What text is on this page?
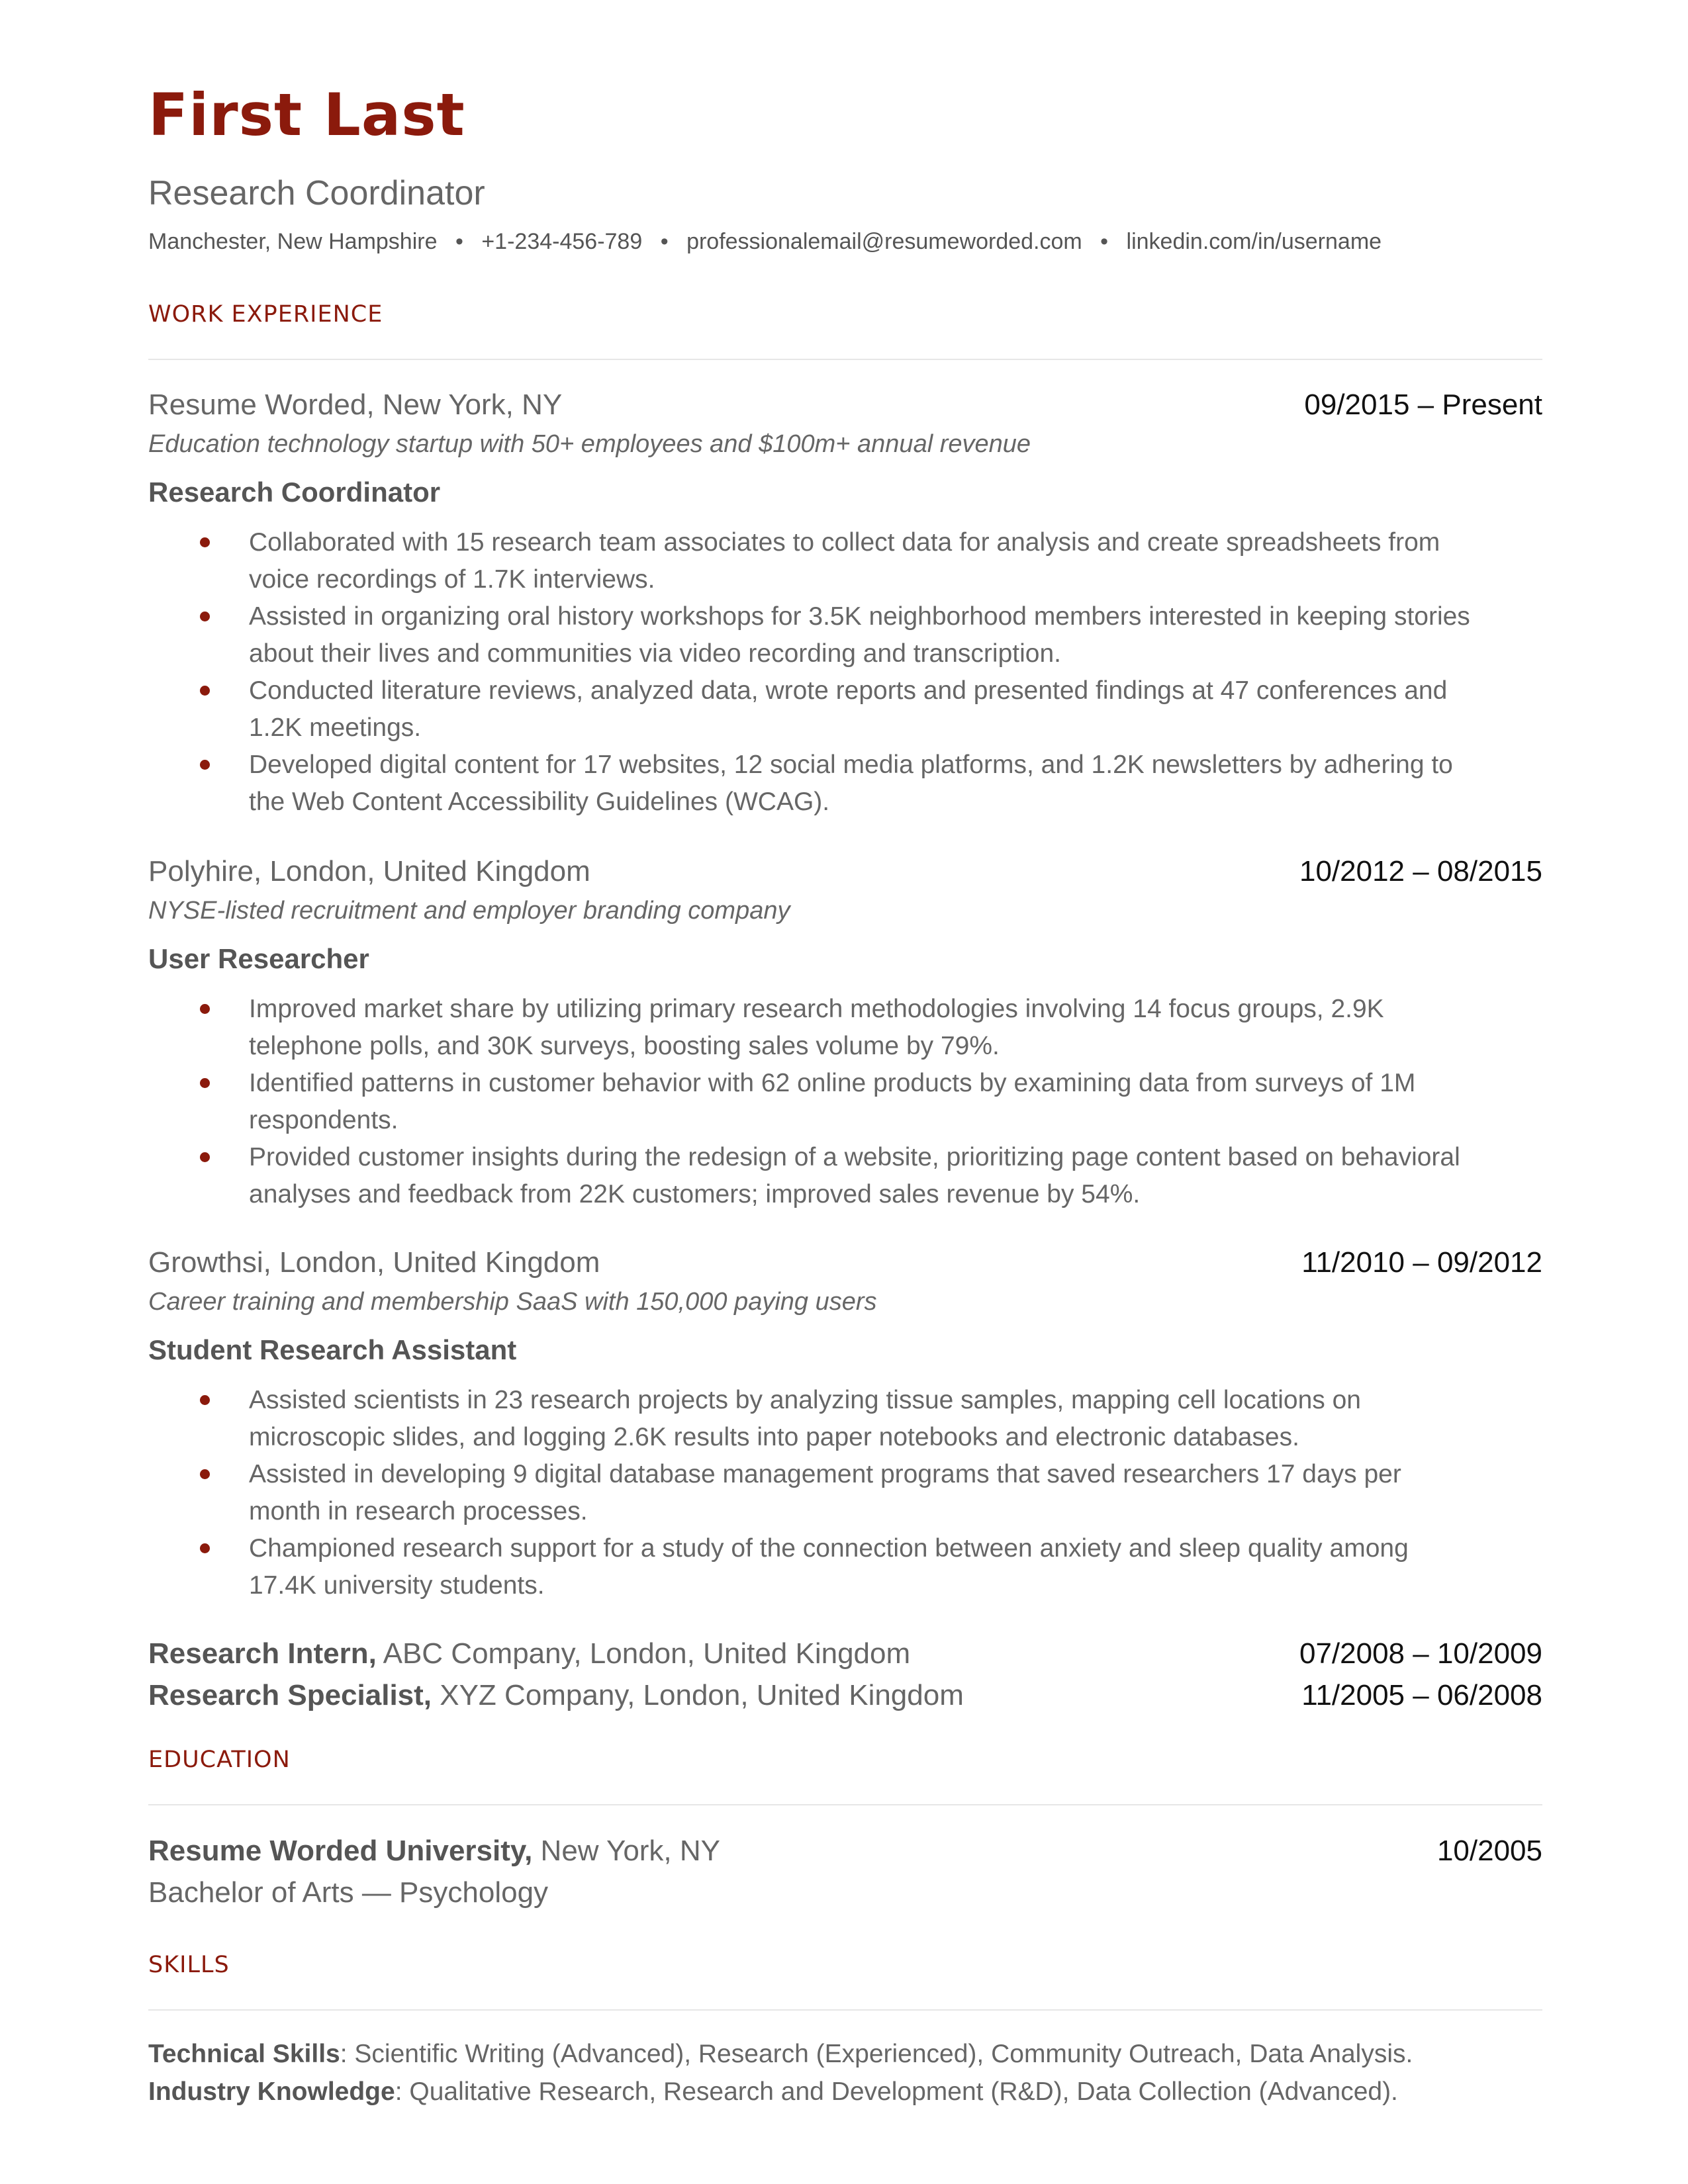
First Last
Research Coordinator
Manchester, New Hampshire • +1-234-456-789 • professionalemail@resumeworded.com • linkedin.com/in/username
WORK EXPERIENCE
Resume Worded, New York, NY	09/2015 – Present
Education technology startup with 50+ employees and $100m+ annual revenue
Research Coordinator
Collaborated with 15 research team associates to collect data for analysis and create spreadsheets from
voice recordings of 1.7K interviews.
Assisted in organizing oral history workshops for 3.5K neighborhood members interested in keeping stories
about their lives and communities via video recording and transcription.
Conducted literature reviews, analyzed data, wrote reports and presented findings at 47 conferences and
1.2K meetings.
Developed digital content for 17 websites, 12 social media platforms, and 1.2K newsletters by adhering to
the Web Content Accessibility Guidelines (WCAG).
Polyhire, London, United Kingdom	10/2012 – 08/2015
NYSE-listed recruitment and employer branding company
User Researcher
Improved market share by utilizing primary research methodologies involving 14 focus groups, 2.9K
telephone polls, and 30K surveys, boosting sales volume by 79%.
Identified patterns in customer behavior with 62 online products by examining data from surveys of 1M
respondents.
Provided customer insights during the redesign of a website, prioritizing page content based on behavioral
analyses and feedback from 22K customers; improved sales revenue by 54%.
Growthsi, London, United Kingdom	11/2010 – 09/2012
Career training and membership SaaS with 150,000 paying users
Student Research Assistant
Assisted scientists in 23 research projects by analyzing tissue samples, mapping cell locations on
microscopic slides, and logging 2.6K results into paper notebooks and electronic databases.
Assisted in developing 9 digital database management programs that saved researchers 17 days per
month in research processes.
Championed research support for a study of the connection between anxiety and sleep quality among
17.4K university students.
Research Intern, ABC Company, London, United Kingdom	07/2008 – 10/2009
Research Specialist, XYZ Company, London, United Kingdom	11/2005 – 06/2008
EDUCATION
Resume Worded University, New York, NY	10/2005
Bachelor of Arts — Psychology
SKILLS
Technical Skills: Scientific Writing (Advanced), Research (Experienced), Community Outreach, Data Analysis.
Industry Knowledge: Qualitative Research, Research and Development (R&D), Data Collection (Advanced).
